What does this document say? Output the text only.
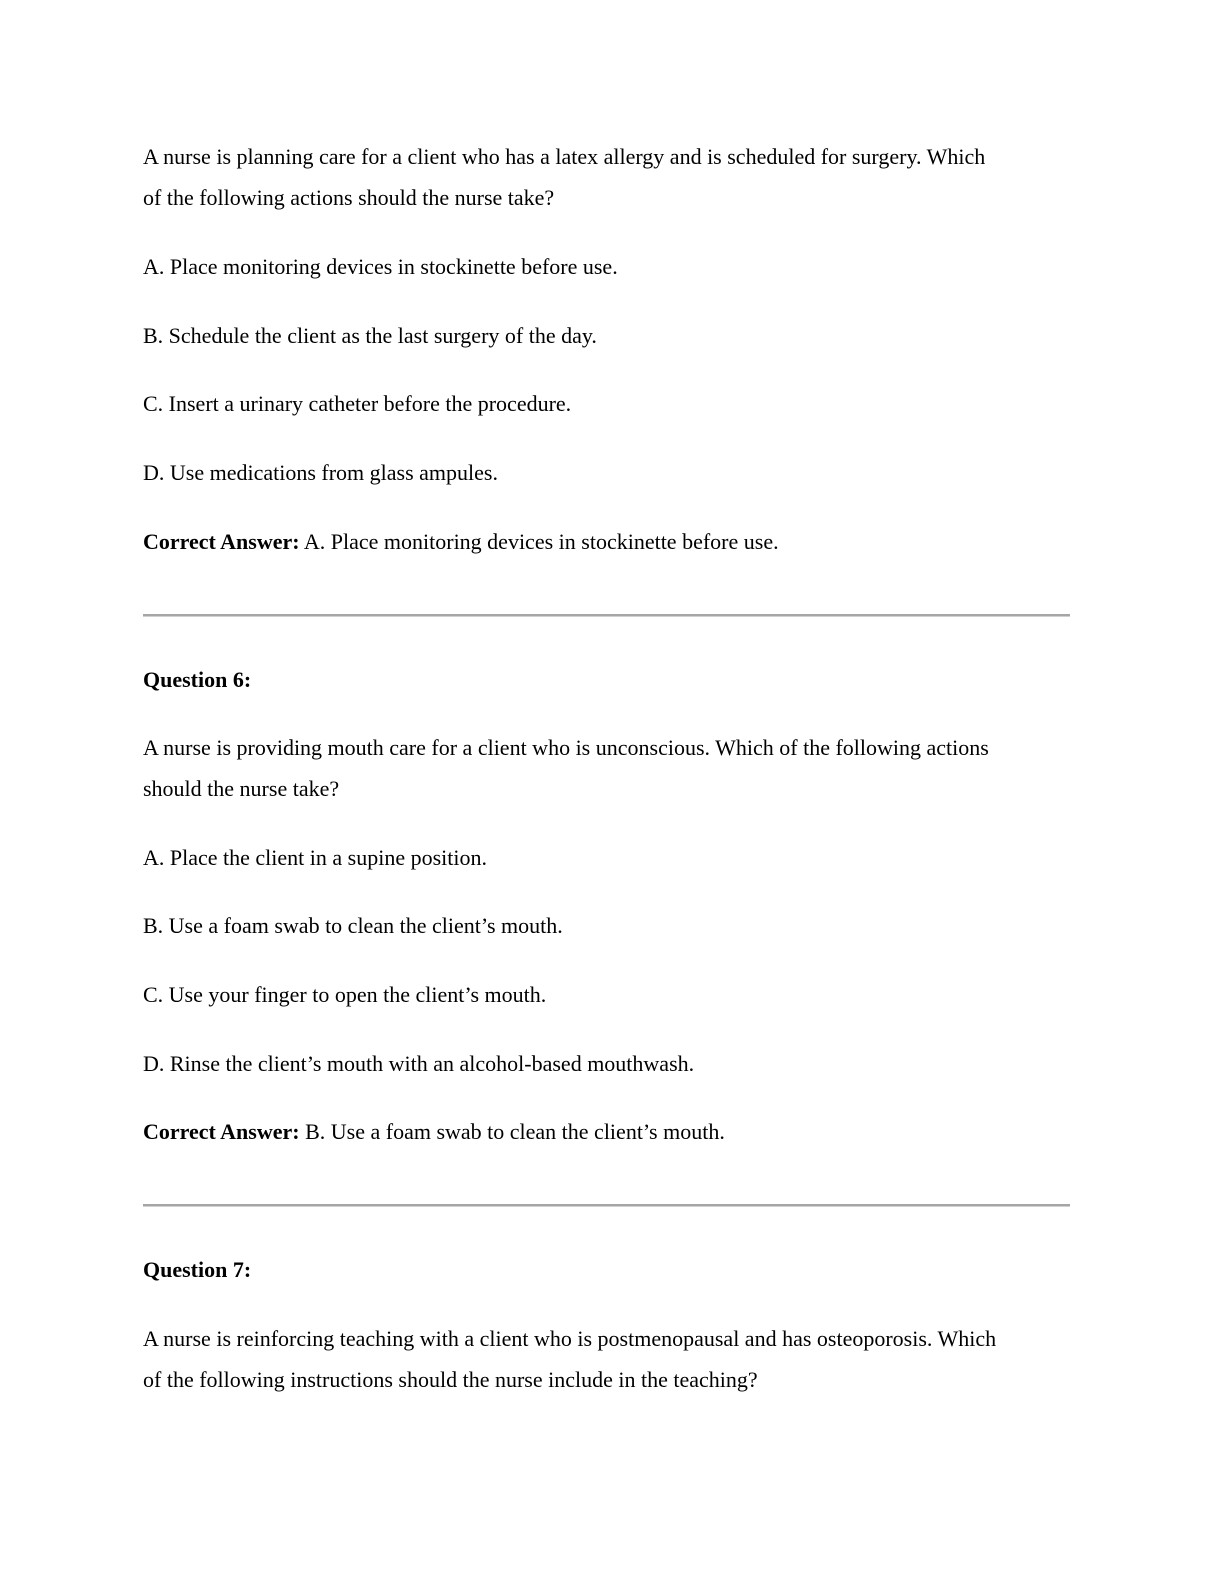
A nurse is planning care for a client who has a latex allergy and is scheduled for surgery. Which
of the following actions should the nurse take?
A. Place monitoring devices in stockinette before use.
B. Schedule the client as the last surgery of the day.
C. Insert a urinary catheter before the procedure.
D. Use medications from glass ampules.
Correct Answer: A. Place monitoring devices in stockinette before use.
Question 6:
A nurse is providing mouth care for a client who is unconscious. Which of the following actions
should the nurse take?
A. Place the client in a supine position.
B. Use a foam swab to clean the client’s mouth.
C. Use your finger to open the client’s mouth.
D. Rinse the client’s mouth with an alcohol-based mouthwash.
Correct Answer: B. Use a foam swab to clean the client’s mouth.
Question 7:
A nurse is reinforcing teaching with a client who is postmenopausal and has osteoporosis. Which
of the following instructions should the nurse include in the teaching?
